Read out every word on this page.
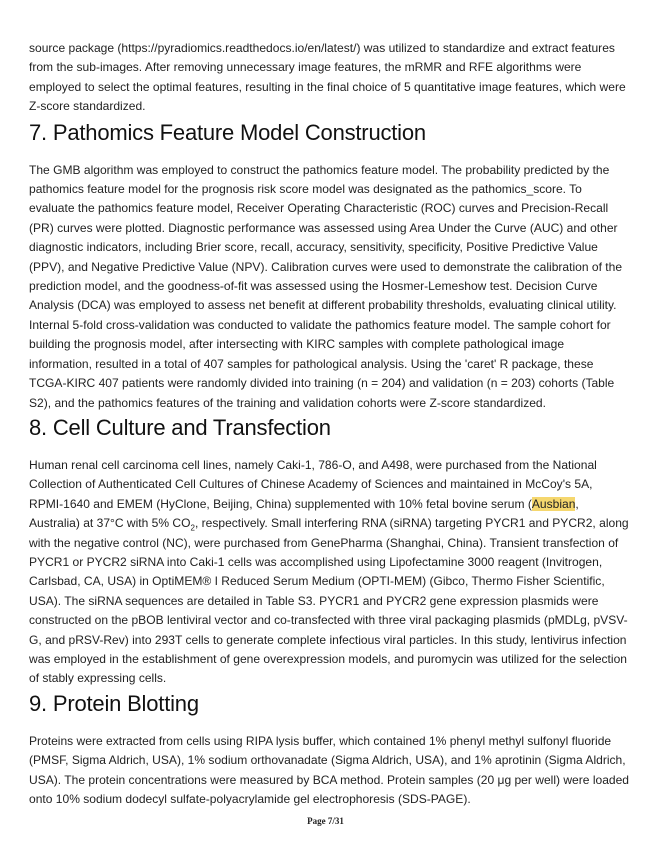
source package (https://pyradiomics.readthedocs.io/en/latest/) was utilized to standardize and extract features from the sub-images. After removing unnecessary image features, the mRMR and RFE algorithms were employed to select the optimal features, resulting in the final choice of 5 quantitative image features, which were Z-score standardized.

7. Pathomics Feature Model Construction

The GMB algorithm was employed to construct the pathomics feature model. The probability predicted by the pathomics feature model for the prognosis risk score model was designated as the pathomics_score. To evaluate the pathomics feature model, Receiver Operating Characteristic (ROC) curves and Precision-Recall (PR) curves were plotted. Diagnostic performance was assessed using Area Under the Curve (AUC) and other diagnostic indicators, including Brier score, recall, accuracy, sensitivity, specificity, Positive Predictive Value (PPV), and Negative Predictive Value (NPV). Calibration curves were used to demonstrate the calibration of the prediction model, and the goodness-of-fit was assessed using the Hosmer-Lemeshow test. Decision Curve Analysis (DCA) was employed to assess net benefit at different probability thresholds, evaluating clinical utility. Internal 5-fold cross-validation was conducted to validate the pathomics feature model. The sample cohort for building the prognosis model, after intersecting with KIRC samples with complete pathological image information, resulted in a total of 407 samples for pathological analysis. Using the 'caret' R package, these TCGA-KIRC 407 patients were randomly divided into training (n = 204) and validation (n = 203) cohorts (Table S2), and the pathomics features of the training and validation cohorts were Z-score standardized.

8. Cell Culture and Transfection

Human renal cell carcinoma cell lines, namely Caki-1, 786-O, and A498, were purchased from the National Collection of Authenticated Cell Cultures of Chinese Academy of Sciences and maintained in McCoy's 5A, RPMI-1640 and EMEM (HyClone, Beijing, China) supplemented with 10% fetal bovine serum (Ausbian, Australia) at 37°C with 5% $CO_2$, respectively. Small interfering RNA (siRNA) targeting PYCR1 and PYCR2, along with the negative control (NC), were purchased from GenePharma (Shanghai, China). Transient transfection of PYCR1 or PYCR2 siRNA into Caki-1 cells was accomplished using Lipofectamine 3000 reagent (Invitrogen, Carlsbad, CA, USA) in OptiMEM® I Reduced Serum Medium (OPTI-MEM) (Gibco, Thermo Fisher Scientific, USA). The siRNA sequences are detailed in Table S3. PYCR1 and PYCR2 gene expression plasmids were constructed on the pBOB lentiviral vector and co-transfected with three viral packaging plasmids (pMDLg, pVSV-G, and pRSV-Rev) into 293T cells to generate complete infectious viral particles. In this study, lentivirus infection was employed in the establishment of gene overexpression models, and puromycin was utilized for the selection of stably expressing cells.

9. Protein Blotting

Proteins were extracted from cells using RIPA lysis buffer, which contained 1% phenyl methyl sulfonyl fluoride (PMSF, Sigma Aldrich, USA), 1% sodium orthovanadate (Sigma Aldrich, USA), and 1% aprotinin (Sigma Aldrich, USA). The protein concentrations were measured by BCA method. Protein samples (20 μg per well) were loaded onto 10% sodium dodecyl sulfate-polyacrylamide gel electrophoresis (SDS-PAGE).

Page 7/31
